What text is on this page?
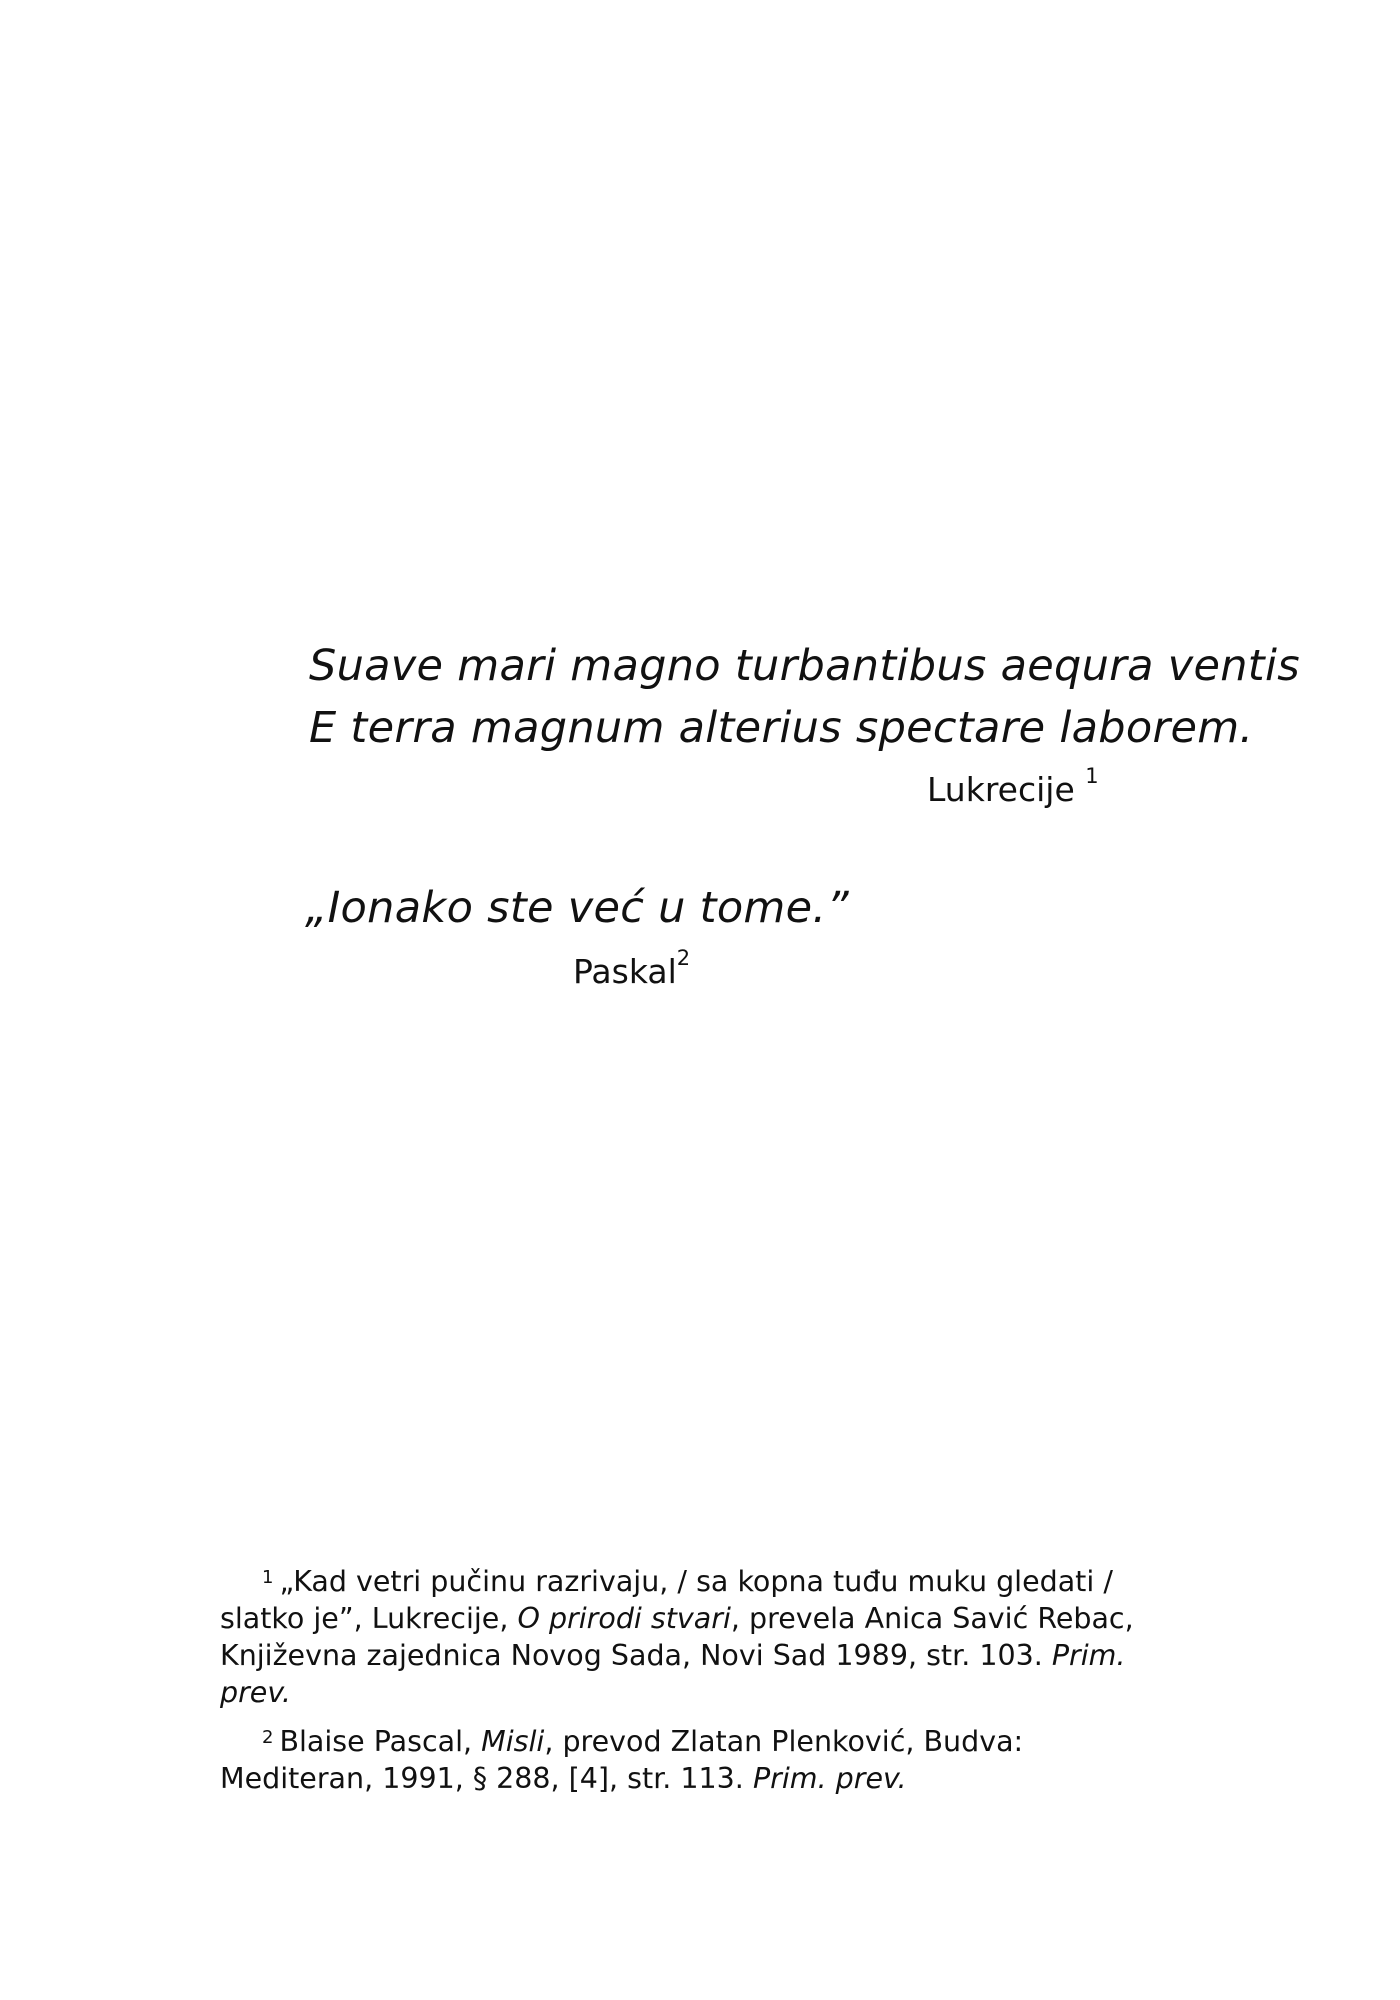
Suave mari magno turbantibus aequra ventis
E terra magnum alterius spectare laborem.
Lukrecije $^1$
„Ionako ste već u tome.”
Paskal$^2$

$^1$ „Kad vetri pučinu razrivaju, / sa kopna tuđu muku gledati / slatko je”, Lukrecije, O prirodi stvari, prevela Anica Savić Rebac, Književna zajednica Novog Sada, Novi Sad 1989, str. 103. Prim. prev.

$^2$ Blaise Pascal, Misli, prevod Zlatan Plenković, Budva: Mediteran, 1991, § 288, [4], str. 113. Prim. prev.
